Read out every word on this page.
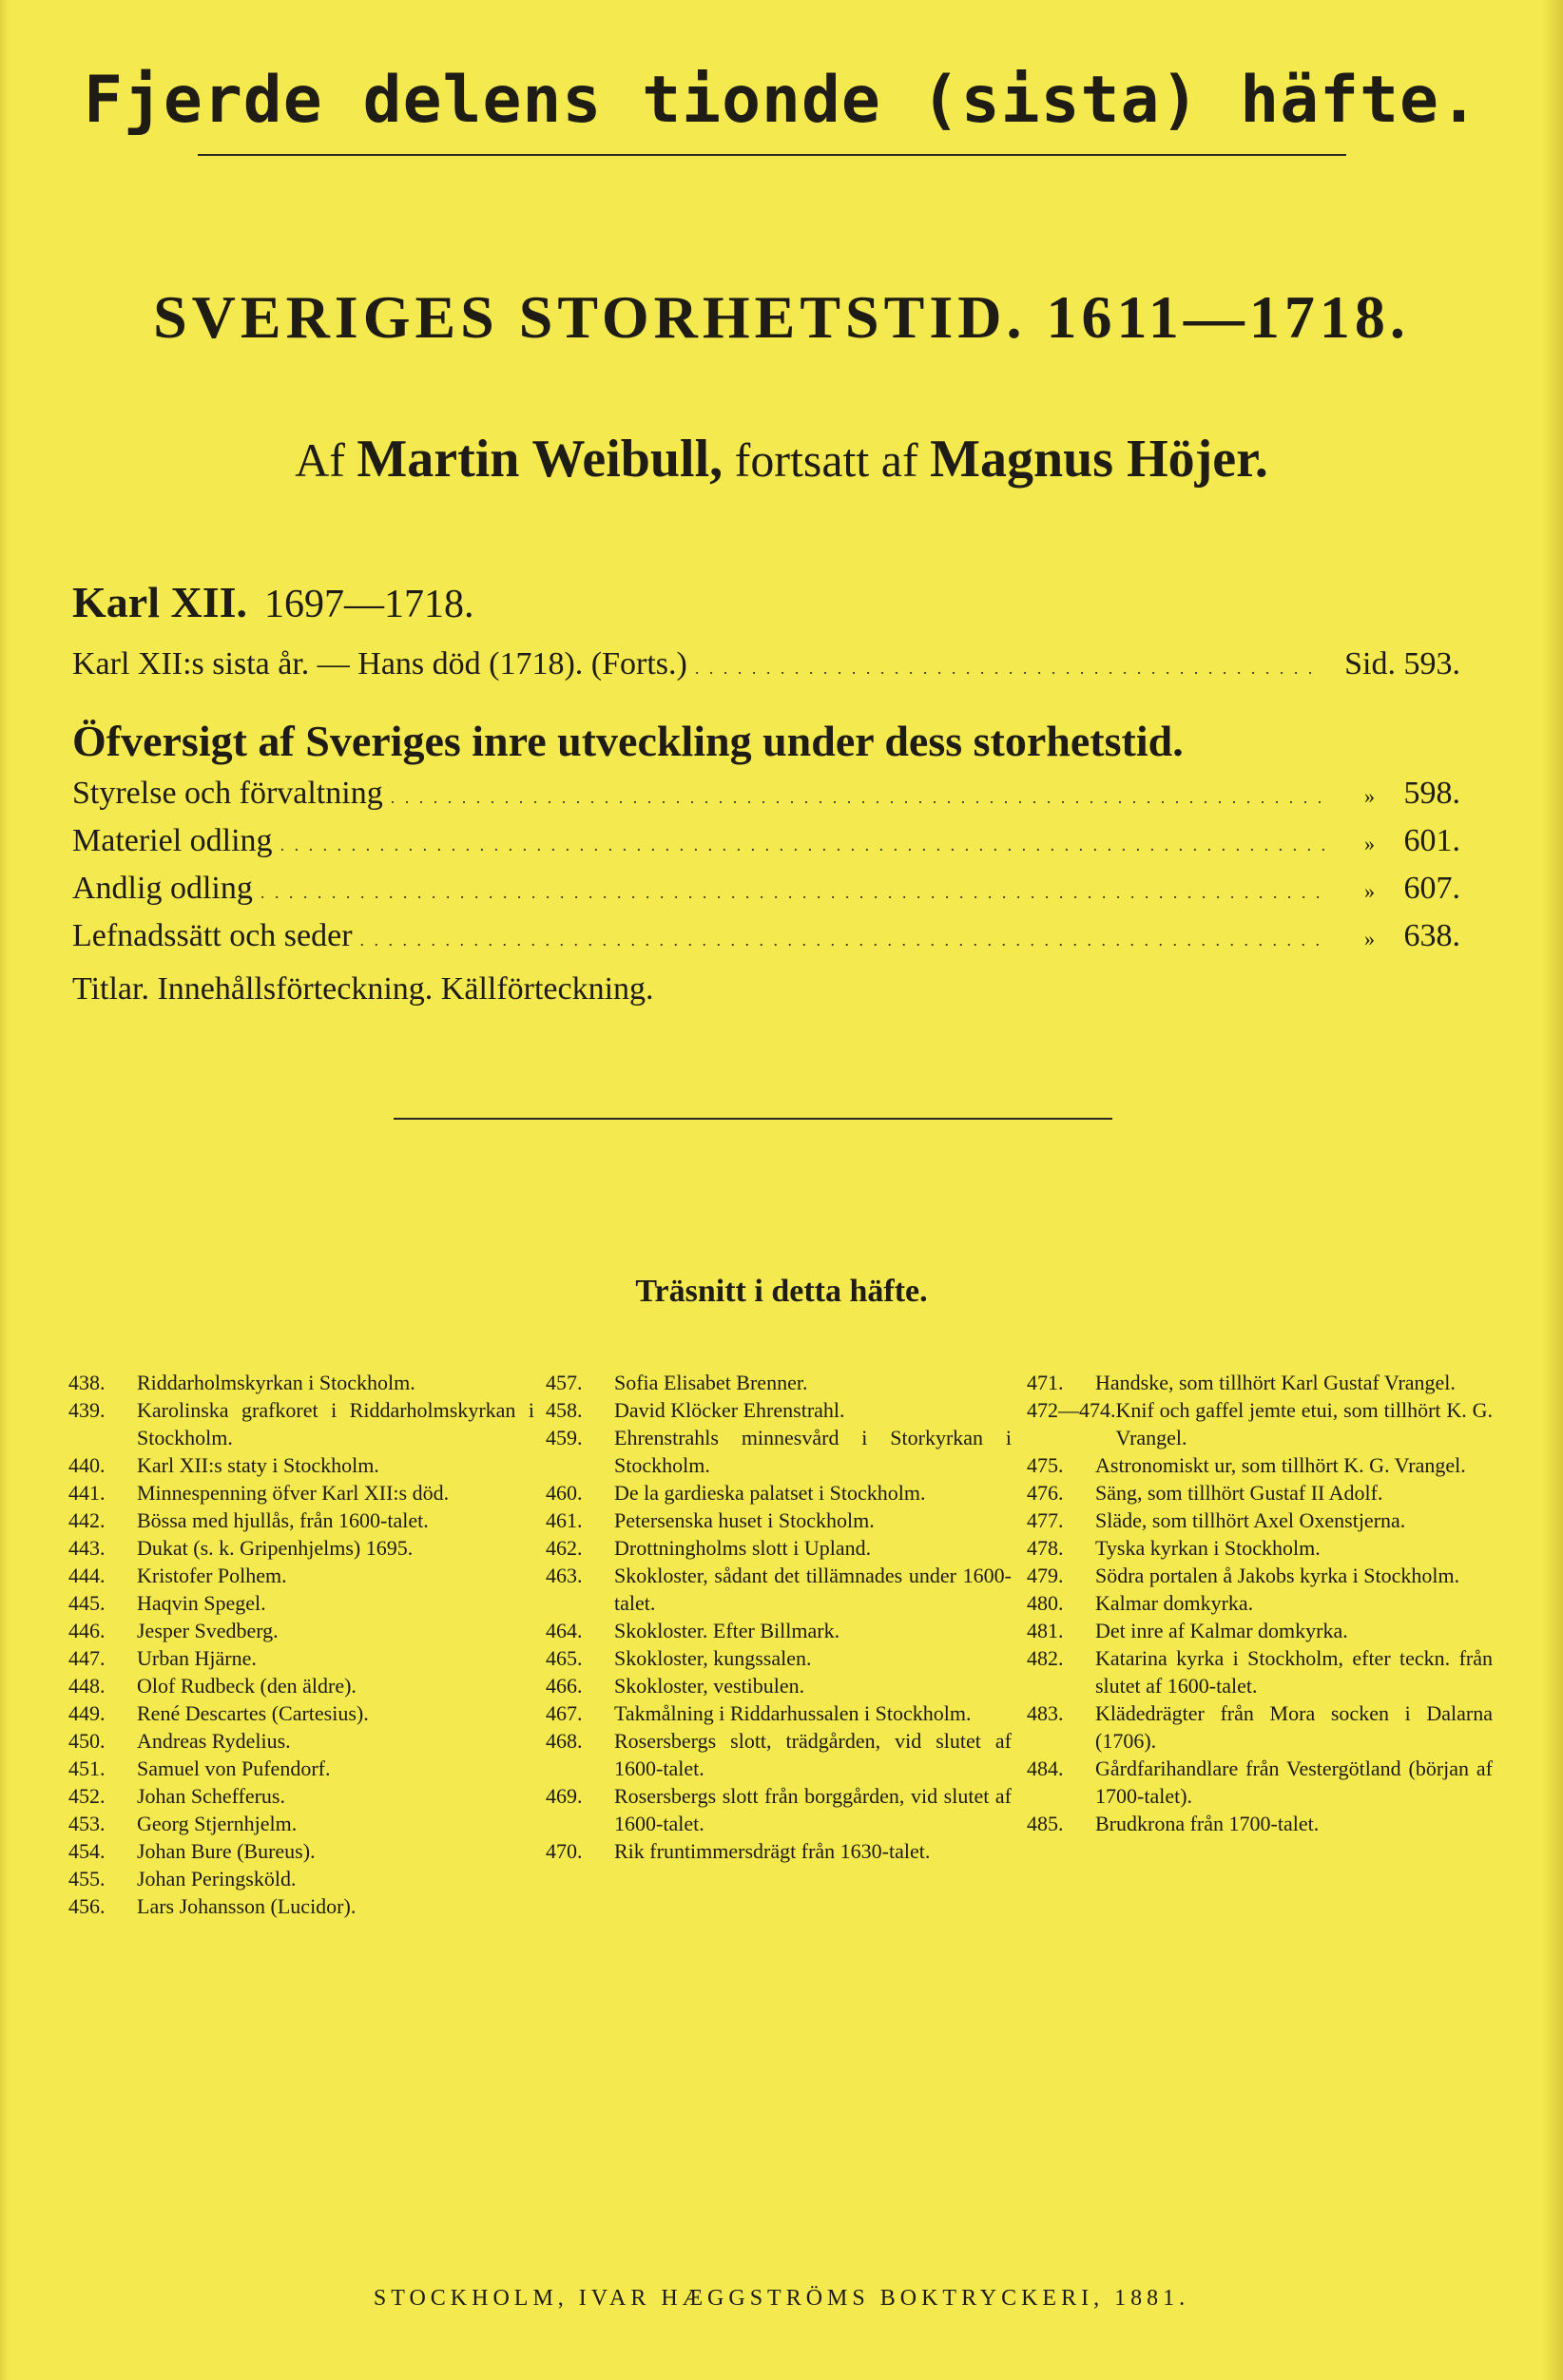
Fjerde delens tionde (sista) häfte.
SVERIGES STORHETSTID. 1611—1718.
Af Martin Weibull, fortsatt af Magnus Höjer.
Karl XII. 1697—1718.
Karl XII:s sista år. — Hans död (1718). (Forts.) . . .	Sid. 593.
Öfversigt af Sveriges inre utveckling under dess storhetstid.
Styrelse och förvaltning . . .	» 598.
Materiel odling . . .	» 601.
Andlig odling . . .	» 607.
Lefnadssätt och seder . . .	» 638.
Titlar. Innehållsförteckning. Källförteckning.
Träsnitt i detta häfte.
438.	Riddarholmskyrkan i Stockholm.
439.	Karolinska grafkoret i Riddarholmskyrkan i Stockholm.
440.	Karl XII:s staty i Stockholm.
441.	Minnespenning öfver Karl XII:s död.
442.	Bössa med hjullås, från 1600-talet.
443.	Dukat (s. k. Gripenhjelms) 1695.
444.	Kristofer Polhem.
445.	Haqvin Spegel.
446.	Jesper Svedberg.
447.	Urban Hjärne.
448.	Olof Rudbeck (den äldre).
449.	René Descartes (Cartesius).
450.	Andreas Rydelius.
451.	Samuel von Pufendorf.
452.	Johan Schefferus.
453.	Georg Stjernhjelm.
454.	Johan Bure (Bureus).
455.	Johan Peringsköld.
456.	Lars Johansson (Lucidor).
457.	Sofia Elisabet Brenner.
458.	David Klöcker Ehrenstrahl.
459.	Ehrenstrahls minnesvård i Storkyrkan i Stockholm.
460.	De la gardieska palatset i Stockholm.
461.	Petersenska huset i Stockholm.
462.	Drottningholms slott i Upland.
463.	Skokloster, sådant det tillämnades under 1600-talet.
464.	Skokloster. Efter Billmark.
465.	Skokloster, kungssalen.
466.	Skokloster, vestibulen.
467.	Takmålning i Riddarhussalen i Stockholm.
468.	Rosersbergs slott, trädgården, vid slutet af 1600-talet.
469.	Rosersbergs slott från borggården, vid slutet af 1600-talet.
470.	Rik fruntimmersdrägt från 1630-talet.
471.	Handske, som tillhört Karl Gustaf Vrangel.
472—474. Knif och gaffel jemte etui, som tillhört K. G. Vrangel.
475.	Astronomiskt ur, som tillhört K. G. Vrangel.
476.	Säng, som tillhört Gustaf II Adolf.
477.	Släde, som tillhört Axel Oxenstjerna.
478.	Tyska kyrkan i Stockholm.
479.	Södra portalen å Jakobs kyrka i Stockholm.
480.	Kalmar domkyrka.
481.	Det inre af Kalmar domkyrka.
482.	Katarina kyrka i Stockholm, efter teckn. från slutet af 1600-talet.
483.	Klädedrägter från Mora socken i Dalarna (1706).
484.	Gårdfarihandlare från Vestergötland (början af 1700-talet).
485.	Brudkrona från 1700-talet.
STOCKHOLM, IVAR HÆGGSTRÖMS BOKTRYCKERI, 1881.
